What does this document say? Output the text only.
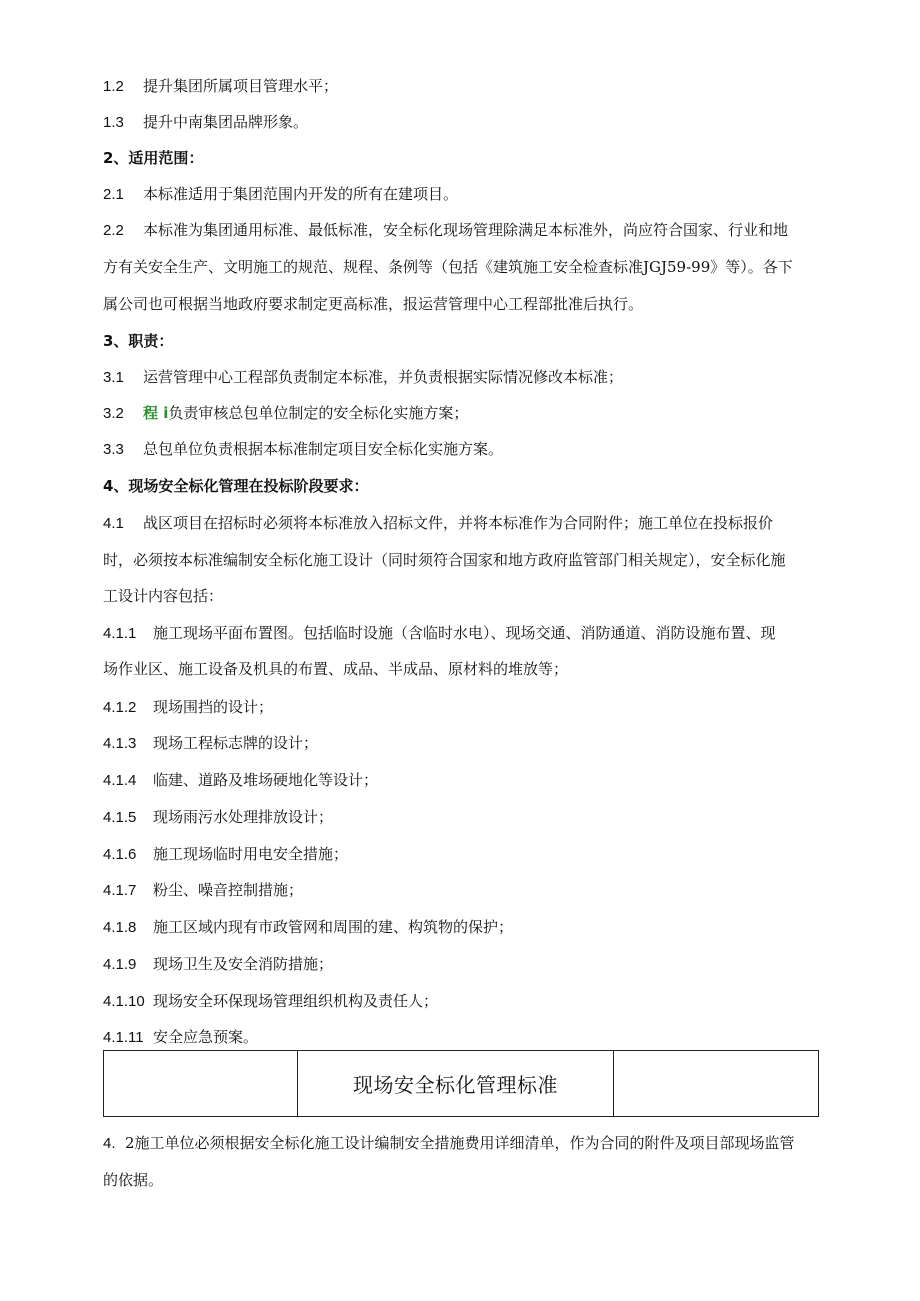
1.2 提升集团所属项目管理水平；
1.3 提升中南集团品牌形象。
2、适用范围：
2.1 本标准适用于集团范围内开发的所有在建项目。
2.2 本标准为集团通用标准、最低标准，安全标化现场管理除满足本标准外，尚应符合国家、行业和地
方有关安全生产、文明施工的规范、规程、条例等（包括《建筑施工安全检查标准JGJ59-99》等）。各下
属公司也可根据当地政府要求制定更高标准，报运营管理中心工程部批准后执行。
3、职责：
3.1 运营管理中心工程部负责制定本标准，并负责根据实际情况修改本标准；
3.2 程 i负责审核总包单位制定的安全标化实施方案；
3.3 总包单位负责根据本标准制定项目安全标化实施方案。
4、现场安全标化管理在投标阶段要求：
4.1 战区项目在招标时必须将本标准放入招标文件，并将本标准作为合同附件；施工单位在投标报价
时，必须按本标准编制安全标化施工设计（同时须符合国家和地方政府监管部门相关规定），安全标化施
工设计内容包括：
4.1.1 施工现场平面布置图。包括临时设施（含临时水电）、现场交通、消防通道、消防设施布置、现
场作业区、施工设备及机具的布置、成品、半成品、原材料的堆放等；
4.1.2 现场围挡的设计；
4.1.3 现场工程标志牌的设计；
4.1.4 临建、道路及堆场硬地化等设计；
4.1.5 现场雨污水处理排放设计；
4.1.6 施工现场临时用电安全措施；
4.1.7 粉尘、噪音控制措施；
4.1.8 施工区域内现有市政管网和周围的建、构筑物的保护；
4.1.9 现场卫生及安全消防措施；
4.1.10 现场安全环保现场管理组织机构及责任人；
4.1.11 安全应急预案。
	现场安全标化管理标准	
4. 2施工单位必须根据安全标化施工设计编制安全措施费用详细清单，作为合同的附件及项目部现场监管
的依据。
